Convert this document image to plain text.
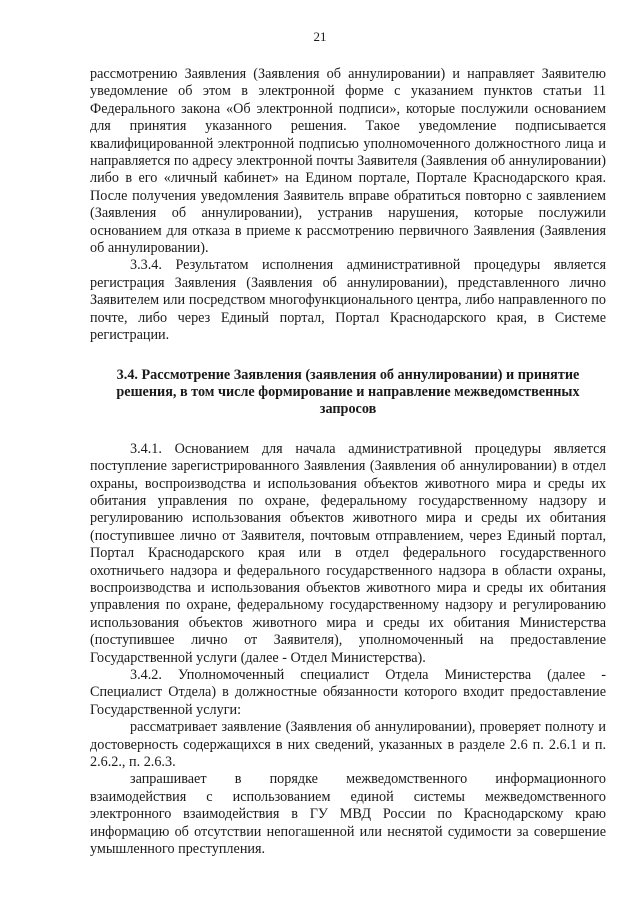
21

рассмотрению Заявления (Заявления об аннулировании) и направляет Заявителю уведомление об этом в электронной форме с указанием пунктов статьи 11 Федерального закона «Об электронной подписи», которые послужили основанием для принятия указанного решения. Такое уведомление подписывается квалифицированной электронной подписью уполномоченного должностного лица и направляется по адресу электронной почты Заявителя (Заявления об аннулировании) либо в его «личный кабинет» на Едином портале, Портале Краснодарского края. После получения уведомления Заявитель вправе обратиться повторно с заявлением (Заявления об аннулировании), устранив нарушения, которые послужили основанием для отказа в приеме к рассмотрению первичного Заявления (Заявления об аннулировании).

3.3.4. Результатом исполнения административной процедуры является регистрация Заявления (Заявления об аннулировании), представленного лично Заявителем или посредством многофункционального центра, либо направленного по почте, либо через Единый портал, Портал Краснодарского края, в Системе регистрации.

3.4. Рассмотрение Заявления (заявления об аннулировании) и принятие решения, в том числе формирование и направление межведомственных запросов

3.4.1. Основанием для начала административной процедуры является поступление зарегистрированного Заявления (Заявления об аннулировании) в отдел охраны, воспроизводства и использования объектов животного мира и среды их обитания управления по охране, федеральному государственному надзору и регулированию использования объектов животного мира и среды их обитания (поступившее лично от Заявителя, почтовым отправлением, через Единый портал, Портал Краснодарского края или в отдел федерального государственного охотничьего надзора и федерального государственного надзора в области охраны, воспроизводства и использования объектов животного мира и среды их обитания управления по охране, федеральному государственному надзору и регулированию использования объектов животного мира и среды их обитания Министерства (поступившее лично от Заявителя), уполномоченный на предоставление Государственной услуги (далее - Отдел Министерства).

3.4.2. Уполномоченный специалист Отдела Министерства (далее - Специалист Отдела) в должностные обязанности которого входит предоставление Государственной услуги:

рассматривает заявление (Заявления об аннулировании), проверяет полноту и достоверность содержащихся в них сведений, указанных в разделе 2.6 п. 2.6.1 и п. 2.6.2., п. 2.6.3.

запрашивает в порядке межведомственного информационного взаимодействия с использованием единой системы межведомственного электронного взаимодействия в ГУ МВД России по Краснодарскому краю информацию об отсутствии непогашенной или неснятой судимости за совершение умышленного преступления.
